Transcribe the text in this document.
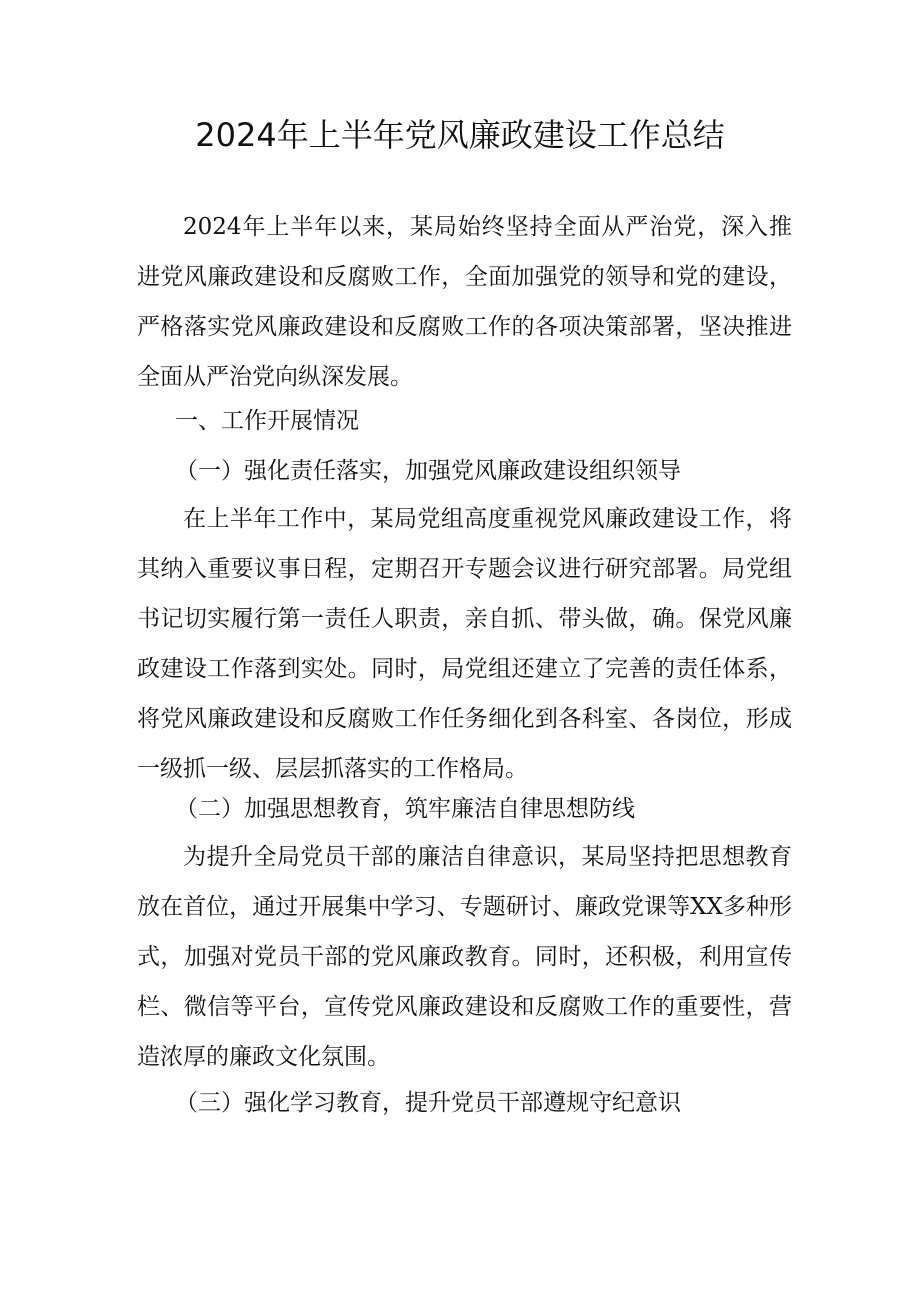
2024年上半年党风廉政建设工作总结

2024年上半年以来，某局始终坚持全面从严治党，深入推进党风廉政建设和反腐败工作，全面加强党的领导和党的建设，严格落实党风廉政建设和反腐败工作的各项决策部署，坚决推进全面从严治党向纵深发展。

一、工作开展情况

（一）强化责任落实，加强党风廉政建设组织领导

在上半年工作中，某局党组高度重视党风廉政建设工作，将其纳入重要议事日程，定期召开专题会议进行研究部署。局党组书记切实履行第一责任人职责，亲自抓、带头做，确。保党风廉政建设工作落到实处。同时，局党组还建立了完善的责任体系，将党风廉政建设和反腐败工作任务细化到各科室、各岗位，形成一级抓一级、层层抓落实的工作格局。

（二）加强思想教育，筑牢廉洁自律思想防线

为提升全局党员干部的廉洁自律意识，某局坚持把思想教育放在首位，通过开展集中学习、专题研讨、廉政党课等XX多种形式，加强对党员干部的党风廉政教育。同时，还积极，利用宣传栏、微信等平台，宣传党风廉政建设和反腐败工作的重要性，营造浓厚的廉政文化氛围。

（三）强化学习教育，提升党员干部遵规守纪意识
